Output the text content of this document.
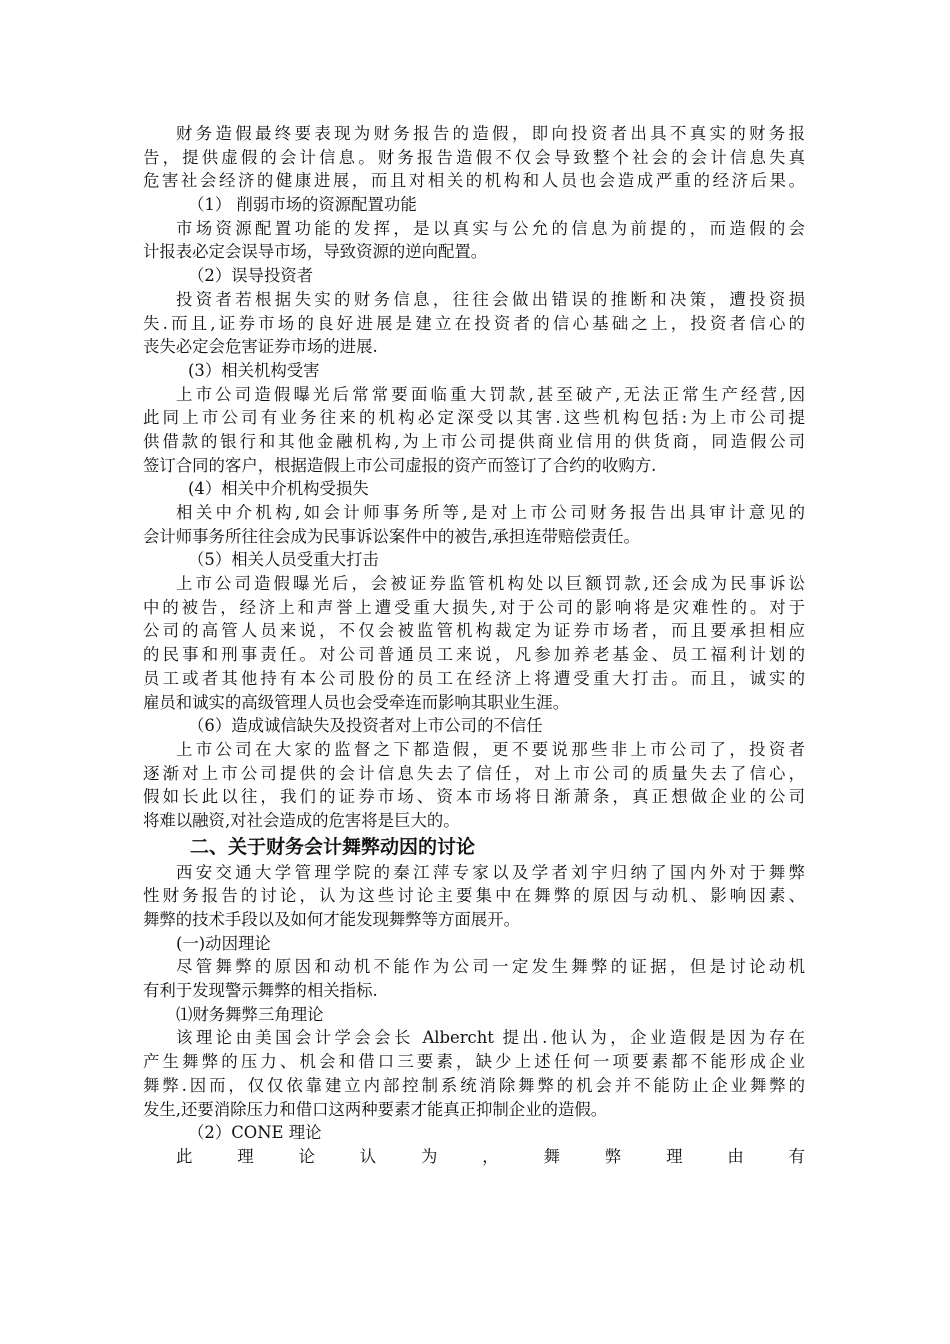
财务造假最终要表现为财务报告的造假，即向投资者出具不真实的财务报
告，提供虚假的会计信息。财务报告造假不仅会导致整个社会的会计信息失真
危害社会经济的健康进展，而且对相关的机构和人员也会造成严重的经济后果。
（1） 削弱市场的资源配置功能
市场资源配置功能的发挥，是以真实与公允的信息为前提的，而造假的会
计报表必定会误导市场，导致资源的逆向配置。
（2）误导投资者
投资者若根据失实的财务信息，往往会做出错误的推断和决策，遭投资损
失.而且,证券市场的良好进展是建立在投资者的信心基础之上，投资者信心的
丧失必定会危害证券市场的进展.
(3）相关机构受害
上市公司造假曝光后常常要面临重大罚款,甚至破产,无法正常生产经营,因
此同上市公司有业务往来的机构必定深受以其害.这些机构包括:为上市公司提
供借款的银行和其他金融机构,为上市公司提供商业信用的供货商，同造假公司
签订合同的客户，根据造假上市公司虚报的资产而签订了合约的收购方.
(4）相关中介机构受损失
相关中介机构,如会计师事务所等,是对上市公司财务报告出具审计意见的
会计师事务所往往会成为民事诉讼案件中的被告,承担连带赔偿责任。
（5）相关人员受重大打击
上市公司造假曝光后，会被证券监管机构处以巨额罚款,还会成为民事诉讼
中的被告，经济上和声誉上遭受重大损失,对于公司的影响将是灾难性的。对于
公司的高管人员来说，不仅会被监管机构裁定为证券市场者，而且要承担相应
的民事和刑事责任。对公司普通员工来说，凡参加养老基金、员工福利计划的
员工或者其他持有本公司股份的员工在经济上将遭受重大打击。而且，诚实的
雇员和诚实的高级管理人员也会受牵连而影响其职业生涯。
（6）造成诚信缺失及投资者对上市公司的不信任
上市公司在大家的监督之下都造假，更不要说那些非上市公司了，投资者
逐渐对上市公司提供的会计信息失去了信任，对上市公司的质量失去了信心，
假如长此以往，我们的证券市场、资本市场将日渐萧条，真正想做企业的公司
将难以融资,对社会造成的危害将是巨大的。
二、关于财务会计舞弊动因的讨论
西安交通大学管理学院的秦江萍专家以及学者刘宇归纳了国内外对于舞弊
性财务报告的讨论，认为这些讨论主要集中在舞弊的原因与动机、影响因素、
舞弊的技术手段以及如何才能发现舞弊等方面展开。
(一)动因理论
尽管舞弊的原因和动机不能作为公司一定发生舞弊的证据，但是讨论动机
有利于发现警示舞弊的相关指标.
⑴财务舞弊三角理论
该理论由美国会计学会会长 Albercht 提出.他认为，企业造假是因为存在
产生舞弊的压力、机会和借口三要素，缺少上述任何一项要素都不能形成企业
舞弊.因而，仅仅依靠建立内部控制系统消除舞弊的机会并不能防止企业舞弊的
发生,还要消除压力和借口这两种要素才能真正抑制企业的造假。
（2）CONE 理论
此理论认为，舞弊理由有
